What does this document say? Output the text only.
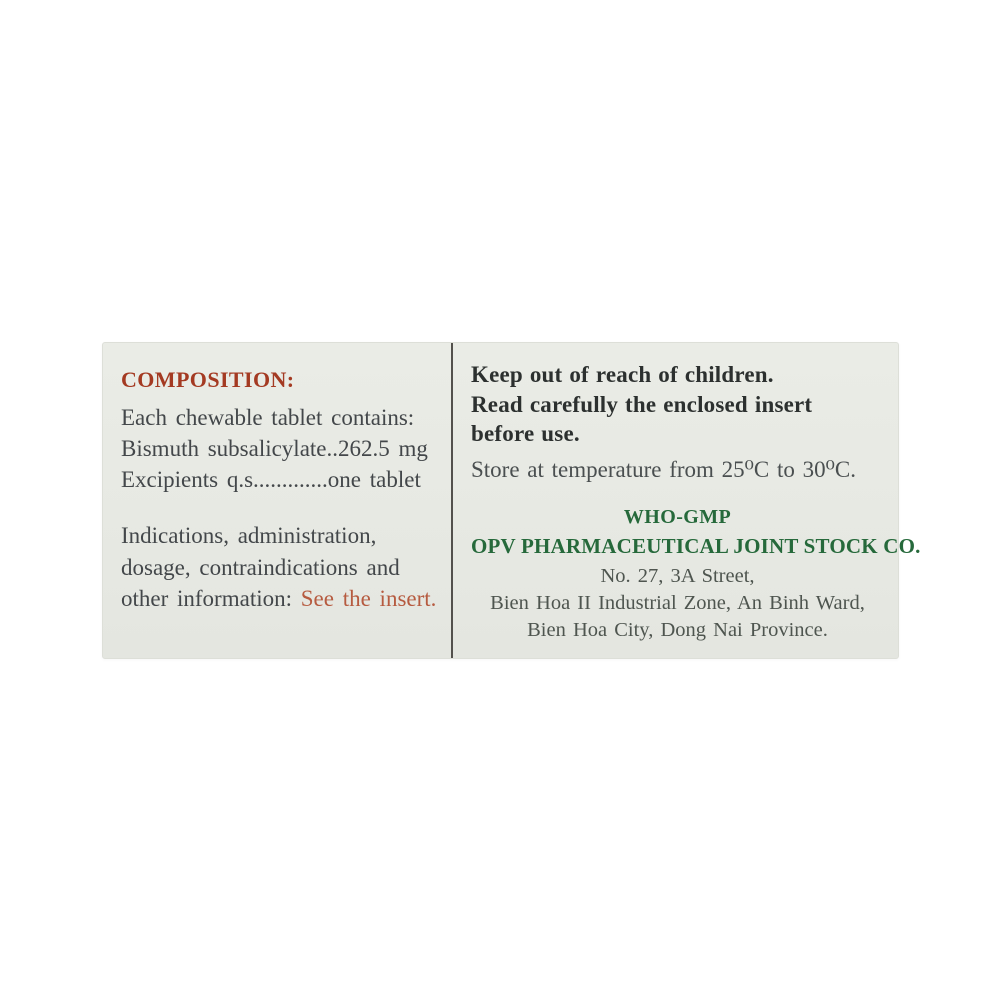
COMPOSITION:
Each chewable tablet contains:
Bismuth subsalicylate..262.5 mg
Excipients q.s.............one tablet
Indications, administration, dosage, contraindications and other information: See the insert.
Keep out of reach of children.
Read carefully the enclosed insert
before use.
Store at temperature from 25⁰C to 30⁰C.
WHO-GMP
OPV PHARMACEUTICAL JOINT STOCK CO.
No. 27, 3A Street,
Bien Hoa II Industrial Zone, An Binh Ward,
Bien Hoa City, Dong Nai Province.
